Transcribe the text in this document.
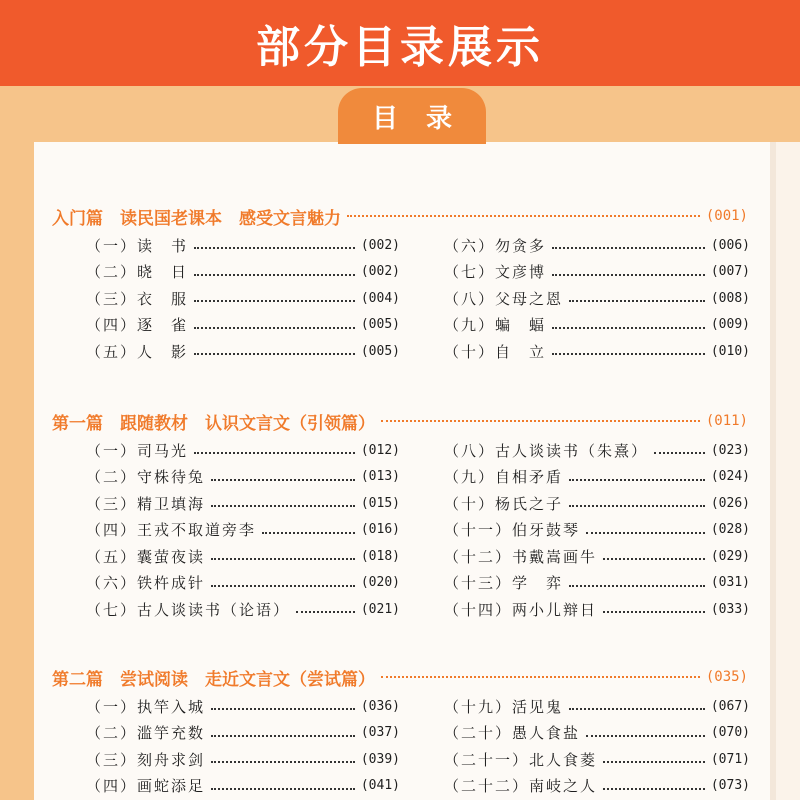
部分目录展示
目录
入门篇　读民国老课本　感受文言魅力	(001)
（一）读　书	(002)
（二）晓　日	(002)
（三）衣　服	(004)
（四）逐　雀	(005)
（五）人　影	(005)
（六）勿贪多	(006)
（七）文彦博	(007)
（八）父母之恩	(008)
（九）蝙　蝠	(009)
（十）自　立	(010)
第一篇　跟随教材　认识文言文（引领篇）	(011)
（一）司马光	(012)
（二）守株待兔	(013)
（三）精卫填海	(015)
（四）王戎不取道旁李	(016)
（五）囊萤夜读	(018)
（六）铁杵成针	(020)
（七）古人谈读书（论语）	(021)
（八）古人谈读书（朱熹）	(023)
（九）自相矛盾	(024)
（十）杨氏之子	(026)
（十一）伯牙鼓琴	(028)
（十二）书戴嵩画牛	(029)
（十三）学　弈	(031)
（十四）两小儿辩日	(033)
第二篇　尝试阅读　走近文言文（尝试篇）	(035)
（一）执竿入城	(036)
（二）滥竽充数	(037)
（三）刻舟求剑	(039)
（四）画蛇添足	(041)
（十九）活见鬼	(067)
（二十）愚人食盐	(070)
（二十一）北人食菱	(071)
（二十二）南岐之人	(073)
